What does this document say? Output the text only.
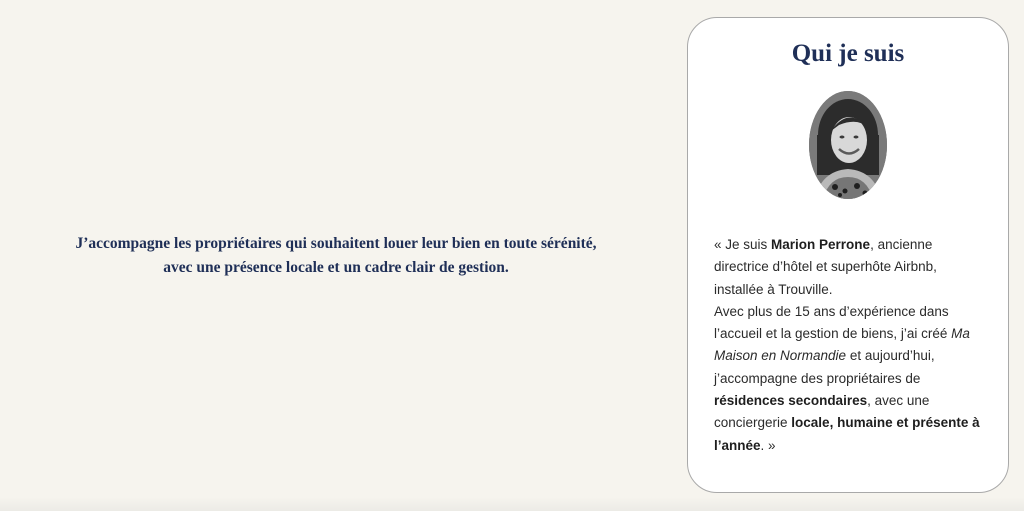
J’accompagne les propriétaires qui souhaitent louer leur bien en toute sérénité,

avec une présence locale et un cadre clair de gestion.

Qui je suis

« Je suis Marion Perrone, ancienne directrice d’hôtel et superhôte Airbnb, installée à Trouville.

Avec plus de 15 ans d’expérience dans l’accueil et la gestion de biens, j’ai créé Ma Maison en Normandie et aujourd’hui, j’accompagne des propriétaires de résidences secondaires, avec une conciergerie locale, humaine et présente à l’année. »
